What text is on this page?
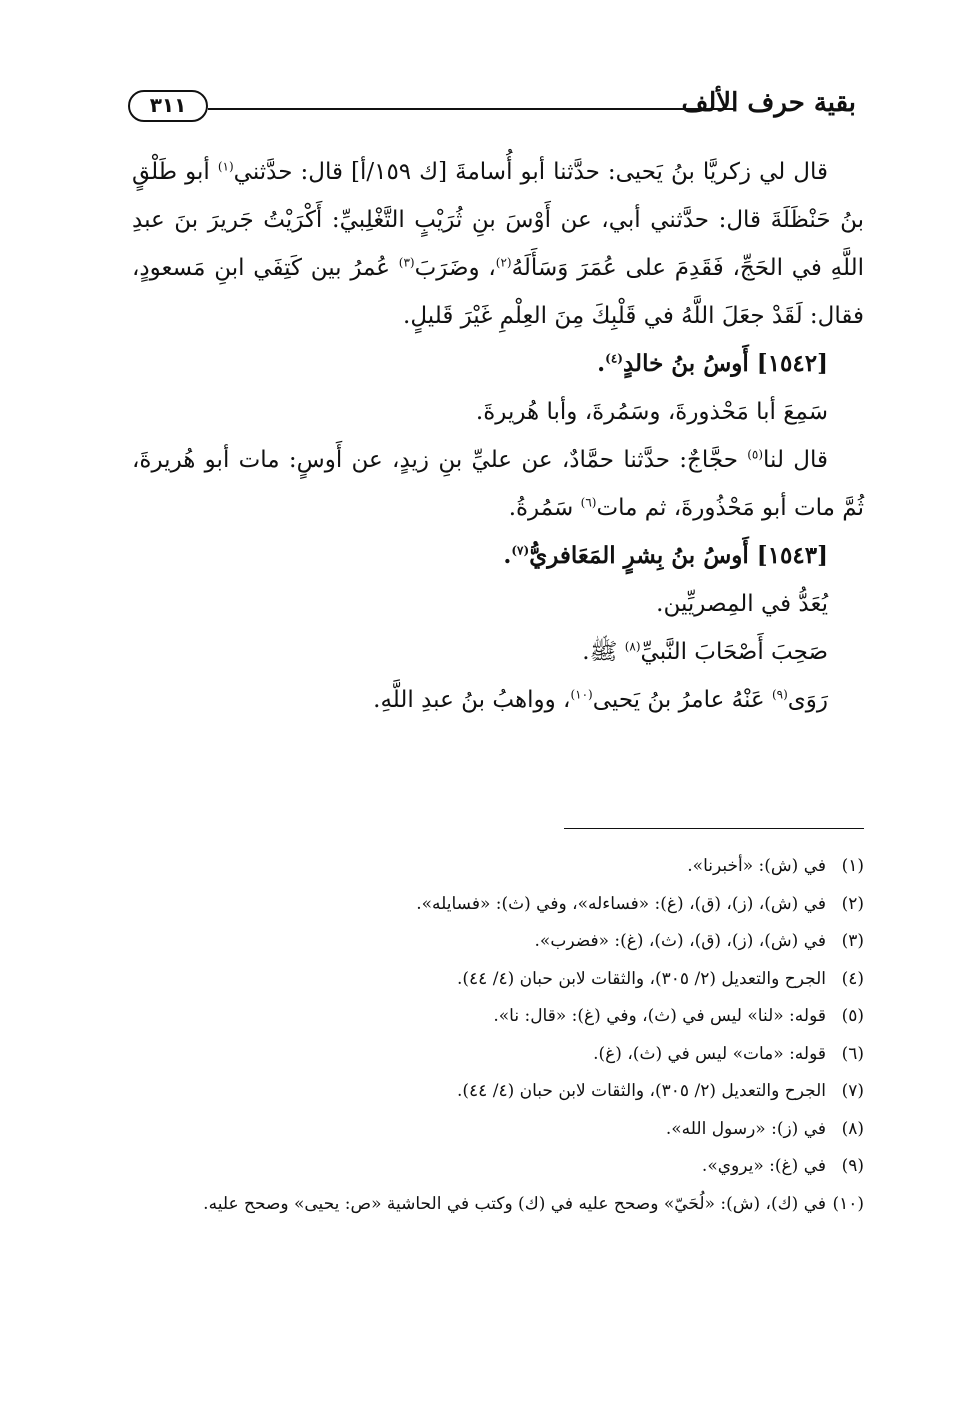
بقية حرف الألف
٣١١

قال لي زكريَّا بنُ يَحيى: حدَّثنا أبو أُسامةَ [ك ١٥٩/أ] قال: حدَّثني$^{(١)}$ أبو طَلْقٍ بنُ حَنْظَلَةَ قال: حدَّثني أبي، عن أَوْسَ بنِ ثُرَيْبٍ التَّغْلِبيِّ: أَكْرَيْتُ جَريرَ بنَ عبدِ اللَّهِ في الحَجِّ، فَقَدِمَ على عُمَرَ وَسَأَلَهُ$^{(٢)}$، وضَرَبَ$^{(٣)}$ عُمرُ بين كَتِفَي ابنِ مَسعودٍ، فقال: لَقَدْ جعَلَ اللَّهُ في قَلْبِكَ مِنَ العِلْمِ غَيْرَ قَليلٍ.

[١٥٤٢] أَوسُ بنُ خالدٍ$^{(٤)}$.

سَمِعَ أبا مَحْذورةَ، وسَمُرةَ، وأبا هُريرةَ.

قال لنا$^{(٥)}$ حجَّاجٌ: حدَّثنا حمَّادٌ، عن عليِّ بنِ زيدٍ، عن أَوسٍ: مات أبو هُريرةَ، ثُمَّ مات أبو مَحْذُورةَ، ثم مات$^{(٦)}$ سَمُرةُ.

[١٥٤٣] أَوسُ بنُ بِشرٍ المَعَافريُّ$^{(٧)}$.

يُعَدُّ في المِصريِّين.

صَحِبَ أَصْحَابَ النَّبيِّ$^{(٨)}$ ﷺ.

رَوَى$^{(٩)}$ عَنْهُ عامرُ بنُ يَحيى$^{(١٠)}$، وواهبُ بنُ عبدِ اللَّهِ.

(١)في (ش): «أخبرنا».

(٢)في (ش)، (ز)، (ق)، (غ): «فساءله»، وفي (ث): «فسايله».

(٣)في (ش)، (ز)، (ق)، (ث)، (غ): «فضرب».

(٤)الجرح والتعديل (٢/ ٣٠٥)، والثقات لابن حبان (٤/ ٤٤).

(٥)قوله: «لنا» ليس في (ث)، وفي (غ): «قال: نا».

(٦)قوله: «مات» ليس في (ث)، (غ).

(٧)الجرح والتعديل (٢/ ٣٠٥)، والثقات لابن حبان (٤/ ٤٤).

(٨)في (ز): «رسول الله».

(٩)في (غ): «يروي».

(١٠)في (ك)، (ش): «لُحَيّ» وصحح عليه في (ك) وكتب في الحاشية «ص: يحيى» وصحح عليه.
